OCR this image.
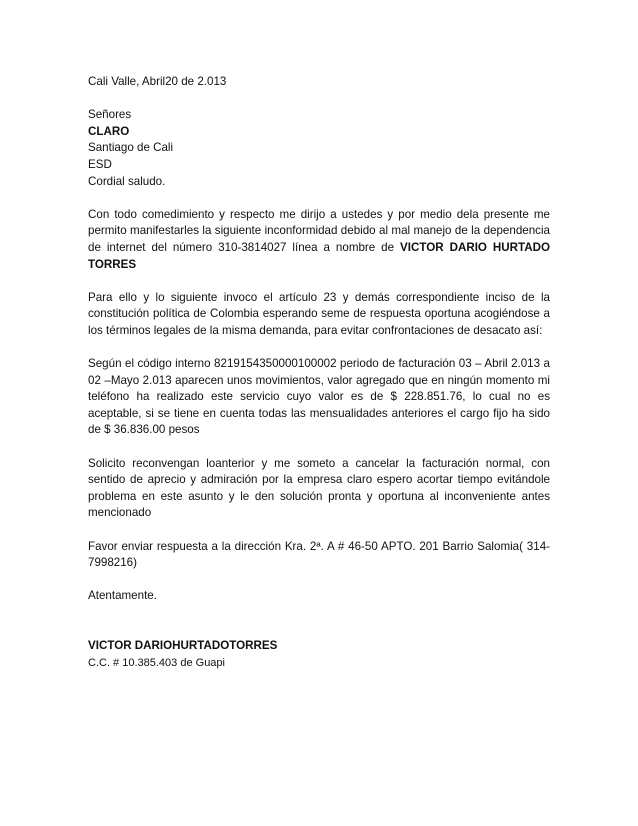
Cali Valle, Abril20 de 2.013
Señores
CLARO
Santiago de Cali
ESD
Cordial saludo.

Con todo comedimiento y respecto me dirijo a ustedes y por medio dela presente me permito manifestarles la siguiente inconformidad debido al mal manejo de la dependencia de internet del número 310-3814027 línea a nombre de VICTOR DARIO HURTADO TORRES

Para ello y lo siguiente invoco el artículo 23 y demás correspondiente inciso de la constitución política de Colombia esperando seme de respuesta oportuna acogiéndose a los términos legales de la misma demanda, para evitar confrontaciones de desacato así:

Según el código interno 8219154350000100002 periodo de facturación 03 – Abril 2.013 a 02 –Mayo 2.013 aparecen unos movimientos, valor agregado que en ningún momento mi teléfono ha realizado este servicio cuyo valor es de $ 228.851.76, lo cual no es aceptable, si se tiene en cuenta todas las mensualidades anteriores el cargo fijo ha sido de $ 36.836.00 pesos

Solicito reconvengan loanterior y me someto a cancelar la facturación normal, con sentido de aprecio y admiración por la empresa claro espero acortar tiempo evitándole problema en este asunto y le den solución pronta y oportuna al inconveniente antes mencionado

Favor enviar respuesta a la dirección Kra. 2ª. A # 46-50 APTO. 201 Barrio Salomia( 314-7998216)

Atentamente.
VICTOR DARIOHURTADOTORRES
C.C. # 10.385.403 de Guapi
